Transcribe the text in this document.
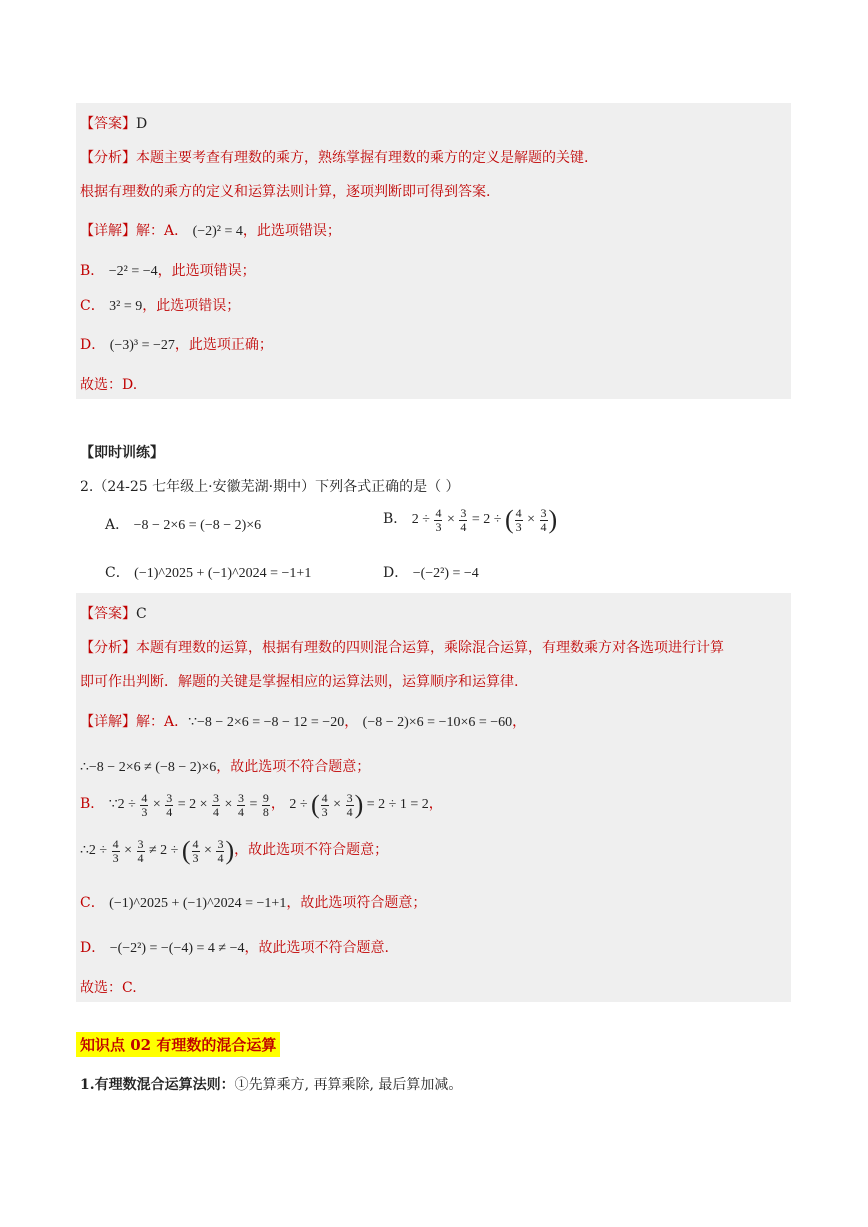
【答案】D
【分析】本题主要考查有理数的乘方，熟练掌握有理数的乘方的定义是解题的关键.
根据有理数的乘方的定义和运算法则计算，逐项判断即可得到答案.
【详解】解：A． (−2)² = 4，此选项错误；
B． −2² = −4，此选项错误；
C． 3² = 9，此选项错误；
D． (−3)³ = −27，此选项正确；
故选：D.
【即时训练】
2.（24-25 七年级上·安徽芜湖·期中）下列各式正确的是（ ）
A． −8 − 2×6 = (−8 − 2)×6	B． $2 \div \frac{4}{3} \times \frac{3}{4} = 2$ ÷ ( $\frac{4}{3} \times \frac{3}{4}$ )
C． (−1)^2025 + (−1)^2024 = −1+1	D． −(−2²) = −4
【答案】C
【分析】本题有理数的运算，根据有理数的四则混合运算，乘除混合运算，有理数乘方对各选项进行计算
即可作出判断．解题的关键是掌握相应的运算法则，运算顺序和运算律.
【详解】解：A．∵−8 − 2×6 = −8 − 12 = −20， (−8 − 2)×6 = −10×6 = −60，
∴−8 − 2×6 ≠ (−8 − 2)×6，故此选项不符合题意；
B． ∵2 ÷ $\frac{4}{3} \times \frac{3}{4} = 2 \times \frac{3}{4} \times \frac{3}{4} = \frac{9}{8}$ ， 2 ÷ ( $\frac{4}{3} \times \frac{3}{4}$ ) = 2 ÷ 1 = 2，
∴2 ÷ $\frac{4}{3} \times \frac{3}{4} \ne 2$ ÷ ( $\frac{4}{3} \times \frac{3}{4}$ )，故此选项不符合题意；
C． (−1)^2025 + (−1)^2024 = −1+1，故此选项符合题意；
D． −(−2²) = −(−4) = 4 ≠ −4，故此选项不符合题意.
故选：C.
知识点 02 有理数的混合运算
1.有理数混合运算法则：①先算乘方, 再算乘除, 最后算加减。
